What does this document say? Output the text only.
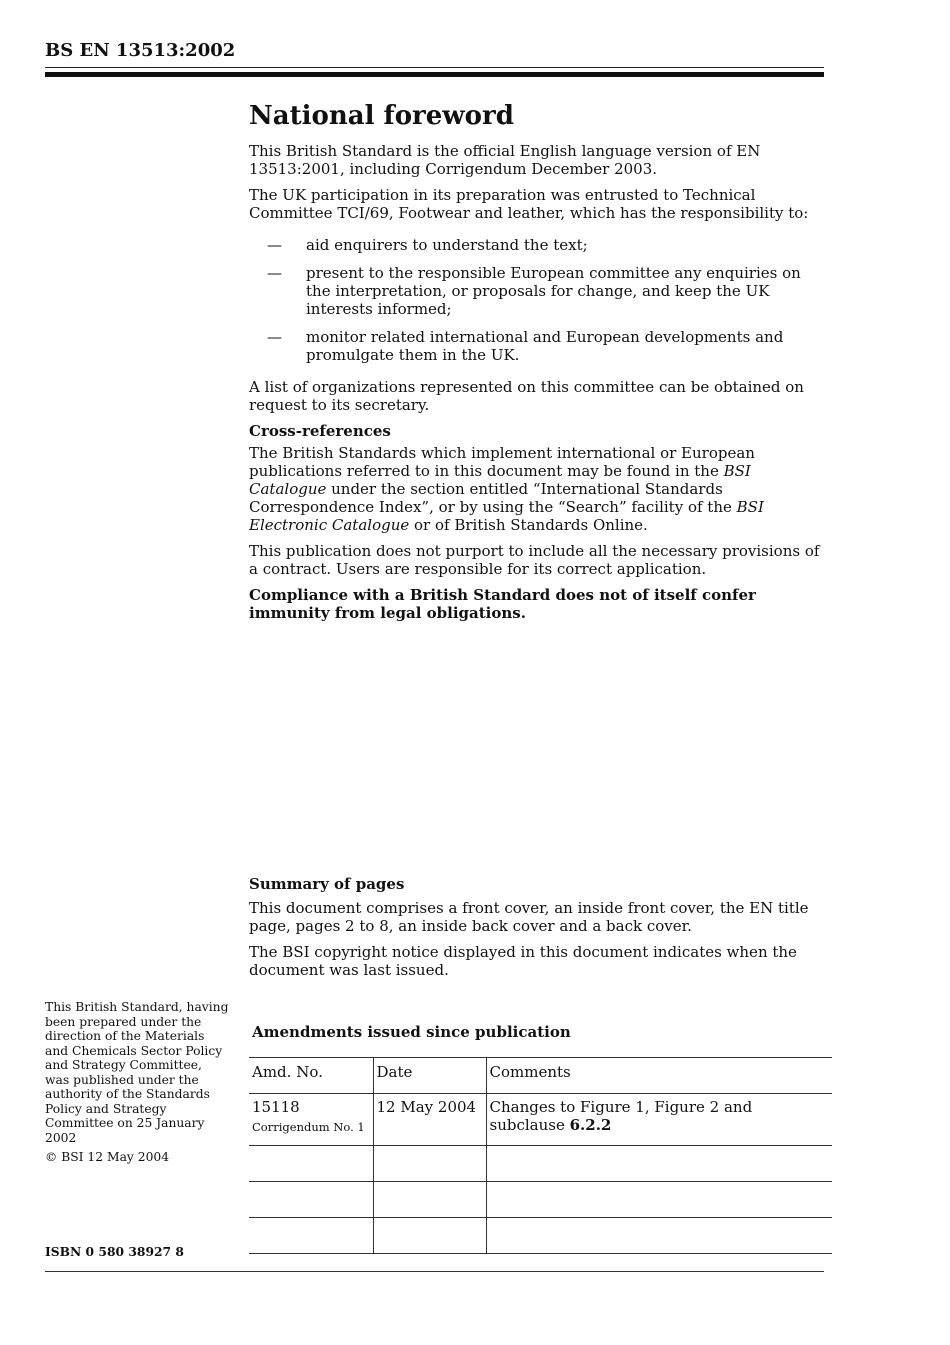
BS EN 13513:2002
National foreword

This British Standard is the official English language version of EN 13513:2001, including Corrigendum December 2003.

The UK participation in its preparation was entrusted to Technical Committee TCI/69, Footwear and leather, which has the responsibility to:

—	aid enquirers to understand the text;
—	present to the responsible European committee any enquiries on the interpretation, or proposals for change, and keep the UK interests informed;
—	monitor related international and European developments and promulgate them in the UK.

A list of organizations represented on this committee can be obtained on request to its secretary.

Cross-references

The British Standards which implement international or European publications referred to in this document may be found in the BSI Catalogue under the section entitled “International Standards Correspondence Index”, or by using the “Search” facility of the BSI Electronic Catalogue or of British Standards Online.

This publication does not purport to include all the necessary provisions of a contract. Users are responsible for its correct application.

Compliance with a British Standard does not of itself confer immunity from legal obligations.

Summary of pages

This document comprises a front cover, an inside front cover, the EN title page, pages 2 to 8, an inside back cover and a back cover.

The BSI copyright notice displayed in this document indicates when the document was last issued.

This British Standard, having been prepared under the direction of the Materials and Chemicals Sector Policy and Strategy Committee, was published under the authority of the Standards Policy and Strategy Committee on 25 January 2002
© BSI 12 May 2004
ISBN 0 580 38927 8
Amendments issued since publication
Amd. No.	Date	Comments
15118
Corrigendum No. 1	12 May 2004	Changes to Figure 1, Figure 2 and subclause 6.2.2
